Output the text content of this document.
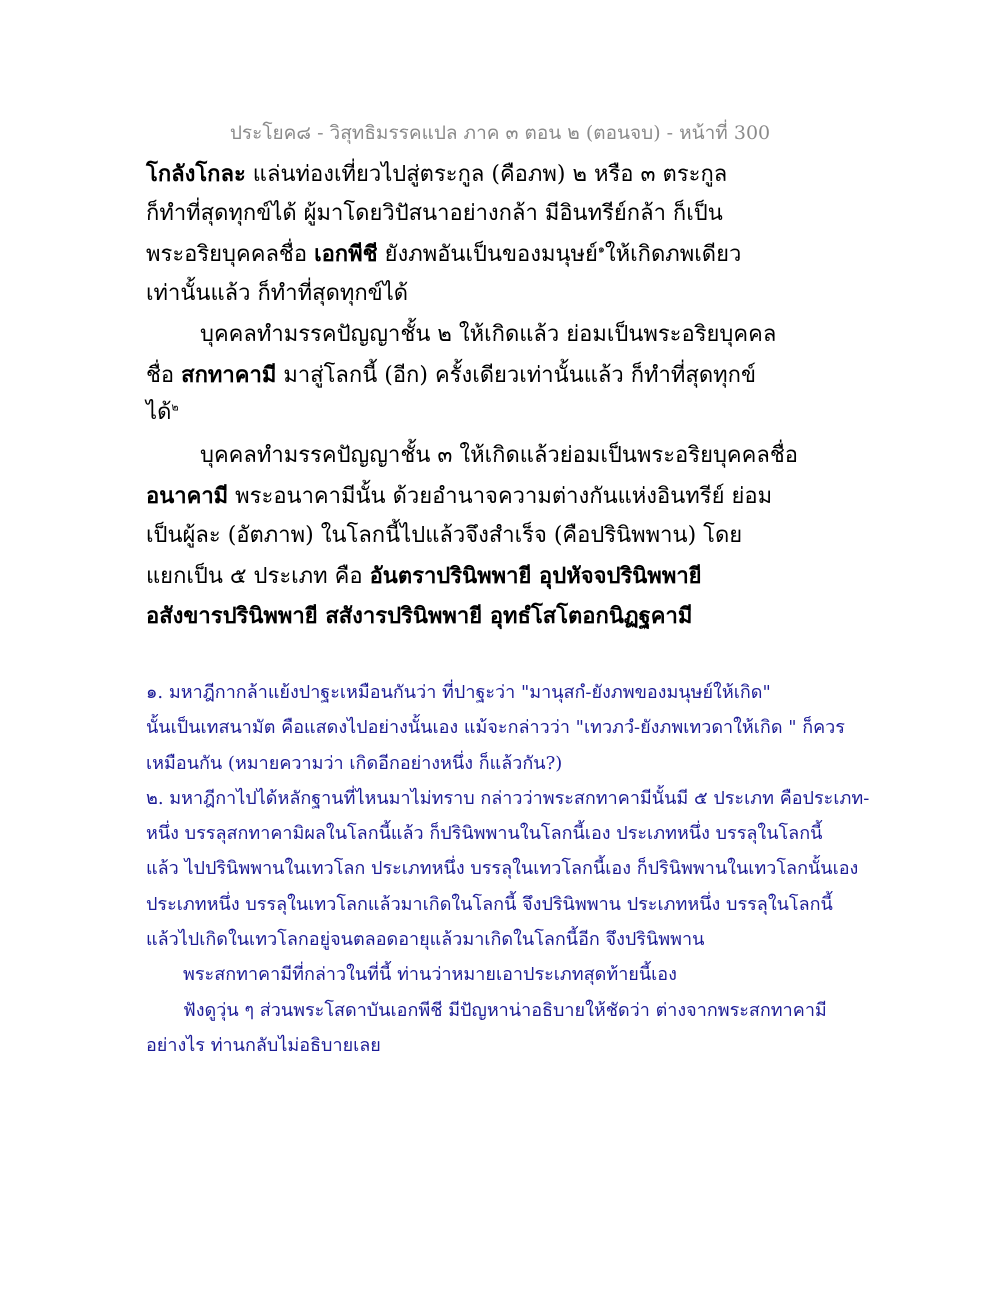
ประโยค๘ - วิสุทธิมรรคแปล ภาค ๓ ตอน ๒ (ตอนจบ) - หน้าที่ 300
โกลังโกละ แล่นท่องเที่ยวไปสู่ตระกูล (คือภพ) ๒ หรือ ๓ ตระกูล
ก็ทำที่สุดทุกข์ได้ ผู้มาโดยวิปัสนาอย่างกล้า มีอินทรีย์กล้า ก็เป็น
พระอริยบุคคลชื่อ เอกพีชี ยังภพอันเป็นของมนุษย์$^๑$ให้เกิดภพเดียว
เท่านั้นแล้ว ก็ทำที่สุดทุกข์ได้
บุคคลทำมรรคปัญญาชั้น ๒ ให้เกิดแล้ว ย่อมเป็นพระอริยบุคคล
ชื่อ สกทาคามี มาสู่โลกนี้ (อีก) ครั้งเดียวเท่านั้นแล้ว ก็ทำที่สุดทุกข์
ได้$^๒$
บุคคลทำมรรคปัญญาชั้น ๓ ให้เกิดแล้วย่อมเป็นพระอริยบุคคลชื่อ
อนาคามี พระอนาคามีนั้น ด้วยอำนาจความต่างกันแห่งอินทรีย์ ย่อม
เป็นผู้ละ (อัตภาพ) ในโลกนี้ไปแล้วจึงสำเร็จ (คือปรินิพพาน) โดย
แยกเป็น ๕ ประเภท คือ อันตราปรินิพพายี อุปหัจจปรินิพพายี
อสังขารปรินิพพายี สสังารปรินิพพายี อุทธํโสโตอกนิฏฐคามี
๑. มหาฎีกากล้าแย้งปาฐะเหมือนกันว่า ที่ปาฐะว่า "มานุสกํ-ยังภพของมนุษย์ให้เกิด"
นั้นเป็นเทสนามัต คือแสดงไปอย่างนั้นเอง แม้จะกล่าวว่า "เทวภวํ-ยังภพเทวดาให้เกิด " ก็ควร
เหมือนกัน (หมายความว่า เกิดอีกอย่างหนึ่ง ก็แล้วกัน?)
๒. มหาฎีกาไปได้หลักฐานที่ไหนมาไม่ทราบ กล่าวว่าพระสกทาคามีนั้นมี ๕ ประเภท คือประเภท-
หนึ่ง บรรลุสกทาคามิผลในโลกนี้แล้ว ก็ปรินิพพานในโลกนี้เอง ประเภทหนึ่ง บรรลุในโลกนี้
แล้ว ไปปรินิพพานในเทวโลก ประเภทหนึ่ง บรรลุในเทวโลกนี้เอง ก็ปรินิพพานในเทวโลกนั้นเอง
ประเภทหนึ่ง บรรลุในเทวโลกแล้วมาเกิดในโลกนี้ จึงปรินิพพาน ประเภทหนึ่ง บรรลุในโลกนี้
แล้วไปเกิดในเทวโลกอยู่จนตลอดอายุแล้วมาเกิดในโลกนี้อีก จึงปรินิพพาน
พระสกทาคามีที่กล่าวในที่นี้ ท่านว่าหมายเอาประเภทสุดท้ายนี้เอง
ฟังดูวุ่น ๆ ส่วนพระโสดาบันเอกพีชี มีปัญหาน่าอธิบายให้ชัดว่า ต่างจากพระสกทาคามี
อย่างไร ท่านกลับไม่อธิบายเลย
